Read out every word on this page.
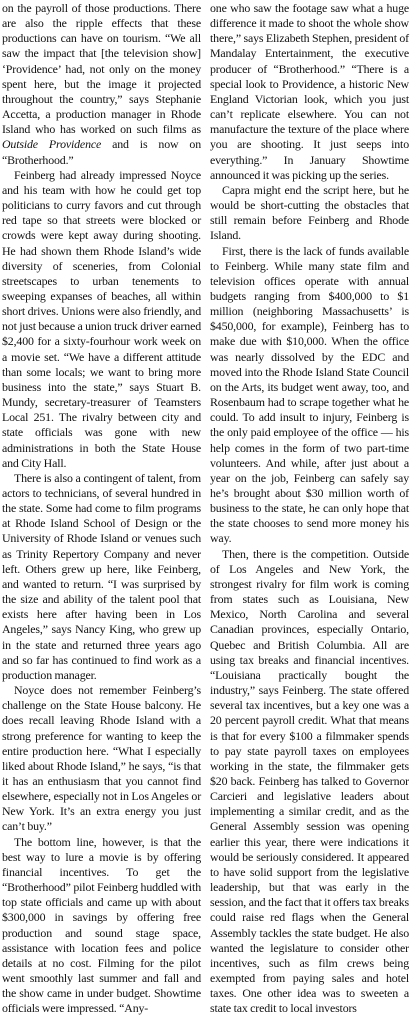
on the payroll of those productions. There are also the ripple effects that these productions can have on tourism. “We all saw the impact that [the television show] ‘Providence’ had, not only on the money spent here, but the image it projected throughout the country,” says Stephanie Accetta, a production manager in Rhode Island who has worked on such films as Outside Providence and is now on “Brotherhood.”

Feinberg had already impressed Noyce and his team with how he could get top politicians to curry favors and cut through red tape so that streets were blocked or crowds were kept away during shooting. He had shown them Rhode Island’s wide diversity of sceneries, from Colonial streetscapes to urban tenements to sweeping expanses of beaches, all within short drives. Unions were also friendly, and not just because a union truck driver earned $2,400 for a sixty-fourhour work week on a movie set. “We have a different attitude than some locals; we want to bring more business into the state,” says Stuart B. Mundy, secretary-treasurer of Teamsters Local 251. The rivalry between city and state officials was gone with new administrations in both the State House and City Hall.

There is also a contingent of talent, from actors to technicians, of several hundred in the state. Some had come to film programs at Rhode Island School of Design or the University of Rhode Island or venues such as Trinity Repertory Company and never left. Others grew up here, like Feinberg, and wanted to return. “I was surprised by the size and ability of the talent pool that exists here after having been in Los Angeles,” says Nancy King, who grew up in the state and returned three years ago and so far has continued to find work as a production manager.

Noyce does not remember Feinberg’s challenge on the State House balcony. He does recall leaving Rhode Island with a strong preference for wanting to keep the entire production here. “What I especially liked about Rhode Island,” he says, “is that it has an enthusiasm that you cannot find elsewhere, especially not in Los Angeles or New York. It’s an extra energy you just can’t buy.”

The bottom line, however, is that the best way to lure a movie is by offering financial incentives. To get the “Brotherhood” pilot Feinberg huddled with top state officials and came up with about $300,000 in savings by offering free production and sound stage space, assistance with location fees and police details at no cost. Filming for the pilot went smoothly last summer and fall and the show came in under budget. Showtime officials were impressed. “Any-

one who saw the footage saw what a huge difference it made to shoot the whole show there,” says Elizabeth Stephen, president of Mandalay Entertainment, the executive producer of “Brotherhood.” “There is a special look to Providence, a historic New England Victorian look, which you just can’t replicate elsewhere. You can not manufacture the texture of the place where you are shooting. It just seeps into everything.” In January Showtime announced it was picking up the series.

Capra might end the script here, but he would be short-cutting the obstacles that still remain before Feinberg and Rhode Island.

First, there is the lack of funds available to Feinberg. While many state film and television offices operate with annual budgets ranging from $400,000 to $1 million (neighboring Massachusetts’ is $450,000, for example), Feinberg has to make due with $10,000. When the office was nearly dissolved by the EDC and moved into the Rhode Island State Council on the Arts, its budget went away, too, and Rosenbaum had to scrape together what he could. To add insult to injury, Feinberg is the only paid employee of the office — his help comes in the form of two part-time volunteers. And while, after just about a year on the job, Feinberg can safely say he’s brought about $30 million worth of business to the state, he can only hope that the state chooses to send more money his way.

Then, there is the competition. Outside of Los Angeles and New York, the strongest rivalry for film work is coming from states such as Louisiana, New Mexico, North Carolina and several Canadian provinces, especially Ontario, Quebec and British Columbia. All are using tax breaks and financial incentives. “Louisiana practically bought the industry,” says Feinberg. The state offered several tax incentives, but a key one was a 20 percent payroll credit. What that means is that for every $100 a filmmaker spends to pay state payroll taxes on employees working in the state, the filmmaker gets $20 back. Feinberg has talked to Governor Carcieri and legislative leaders about implementing a similar credit, and as the General Assembly session was opening earlier this year, there were indications it would be seriously considered. It appeared to have solid support from the legislative leadership, but that was early in the session, and the fact that it offers tax breaks could raise red flags when the General Assembly tackles the state budget. He also wanted the legislature to consider other incentives, such as film crews being exempted from paying sales and hotel taxes. One other idea was to sweeten a state tax credit to local investors
